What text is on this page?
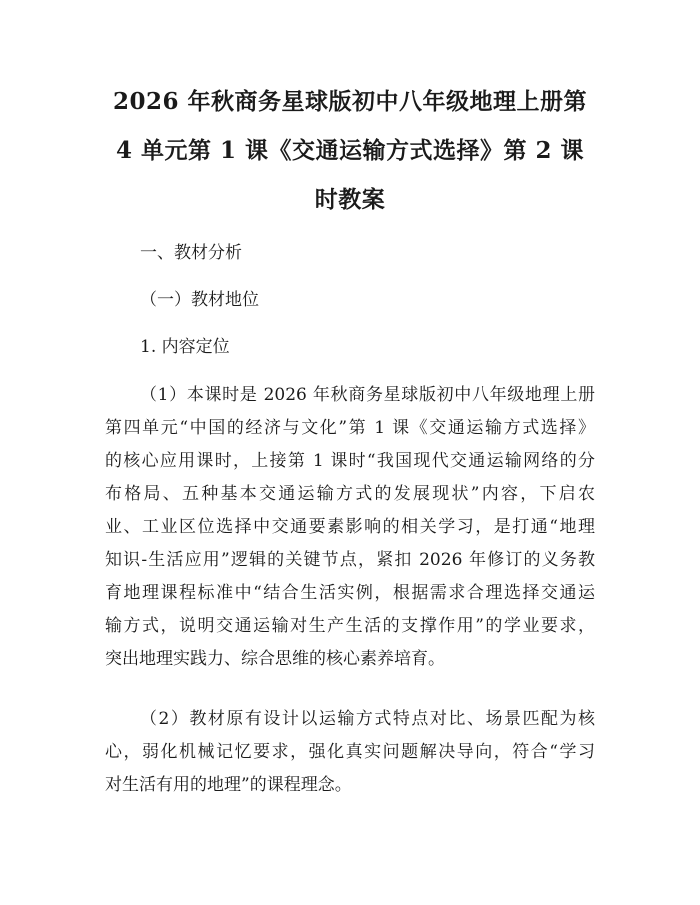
2026 年秋商务星球版初中八年级地理上册第
4 单元第 1 课《交通运输方式选择》第 2 课
时教案
一、教材分析
（一）教材地位
1. 内容定位
（1）本课时是 2026 年秋商务星球版初中八年级地理上册
第四单元“中国的经济与文化”第 1 课《交通运输方式选择》
的核心应用课时，上接第 1 课时“我国现代交通运输网络的分
布格局、五种基本交通运输方式的发展现状”内容，下启农
业、工业区位选择中交通要素影响的相关学习，是打通“地理
知识-生活应用”逻辑的关键节点，紧扣 2026 年修订的义务教
育地理课程标准中“结合生活实例，根据需求合理选择交通运
输方式，说明交通运输对生产生活的支撑作用”的学业要求，
突出地理实践力、综合思维的核心素养培育。
（2）教材原有设计以运输方式特点对比、场景匹配为核
心，弱化机械记忆要求，强化真实问题解决导向，符合“学习
对生活有用的地理”的课程理念。
